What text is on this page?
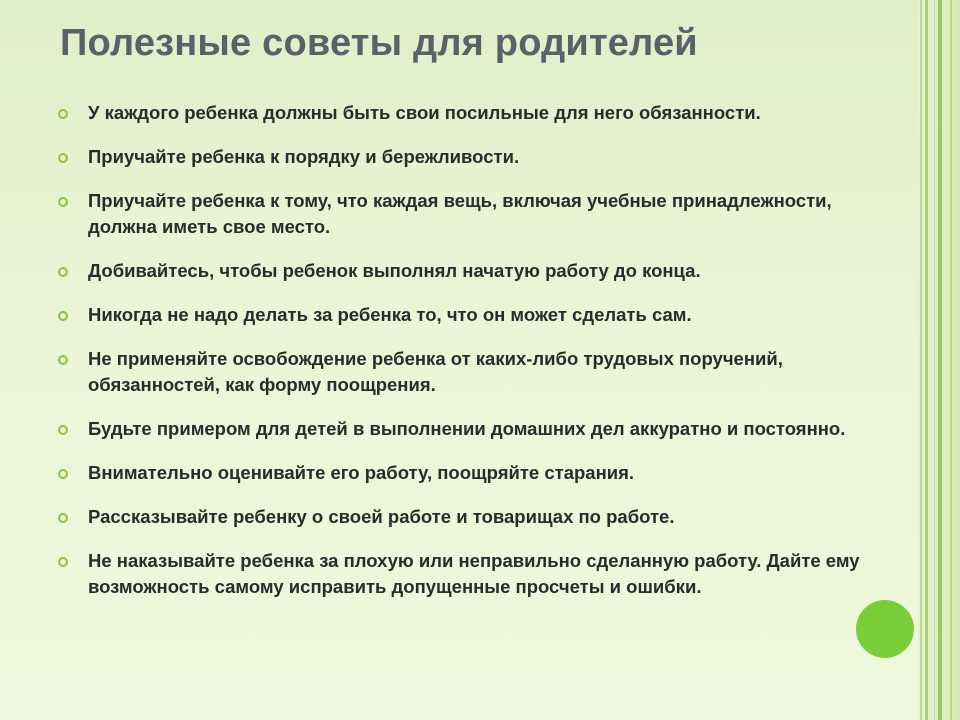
Полезные советы для родителей
У каждого ребенка должны быть свои посильные для него обязанности.
Приучайте ребенка к порядку и бережливости.
Приучайте ребенка к тому, что каждая вещь, включая учебные принадлежности, должна иметь свое место.
Добивайтесь, чтобы ребенок выполнял начатую работу до конца.
Никогда не надо делать за ребенка то, что он может сделать сам.
Не применяйте освобождение ребенка от каких-либо трудовых поручений, обязанностей, как форму поощрения.
Будьте примером для детей в выполнении домашних дел аккуратно и постоянно.
Внимательно оценивайте его работу, поощряйте старания.
Рассказывайте ребенку о своей работе и товарищах по работе.
Не наказывайте ребенка за плохую или неправильно сделанную работу. Дайте ему возможность самому исправить допущенные просчеты и ошибки.
